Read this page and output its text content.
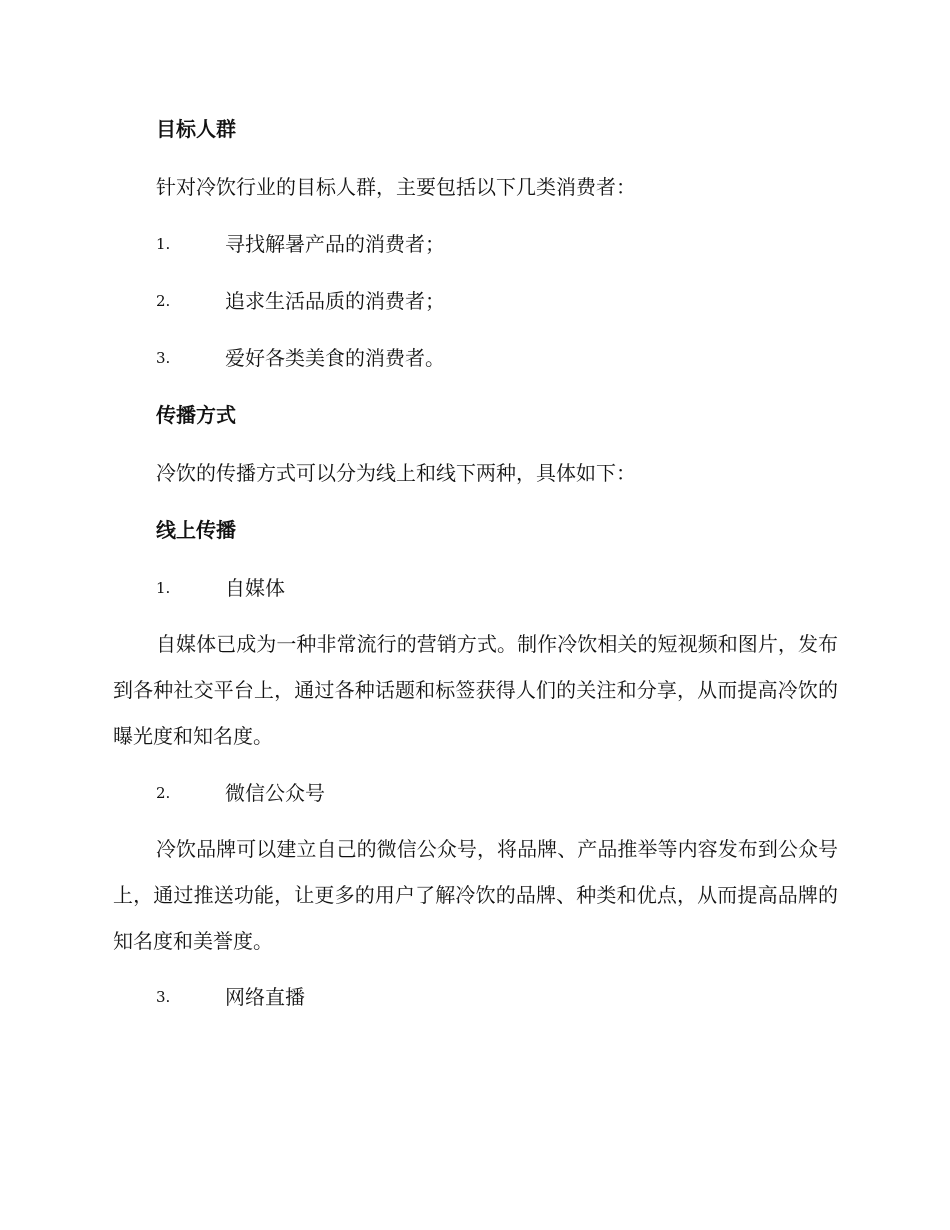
目标人群
针对冷饮行业的目标人群，主要包括以下几类消费者：
1.	寻找解暑产品的消费者；
2.	追求生活品质的消费者；
3.	爱好各类美食的消费者。
传播方式
冷饮的传播方式可以分为线上和线下两种，具体如下：
线上传播
1.	自媒体
自媒体已成为一种非常流行的营销方式。制作冷饮相关的短视频和图片，发布到各种社交平台上，通过各种话题和标签获得人们的关注和分享，从而提高冷饮的曝光度和知名度。
2.	微信公众号
冷饮品牌可以建立自己的微信公众号，将品牌、产品推举等内容发布到公众号上，通过推送功能，让更多的用户了解冷饮的品牌、种类和优点，从而提高品牌的知名度和美誉度。
3.	网络直播
